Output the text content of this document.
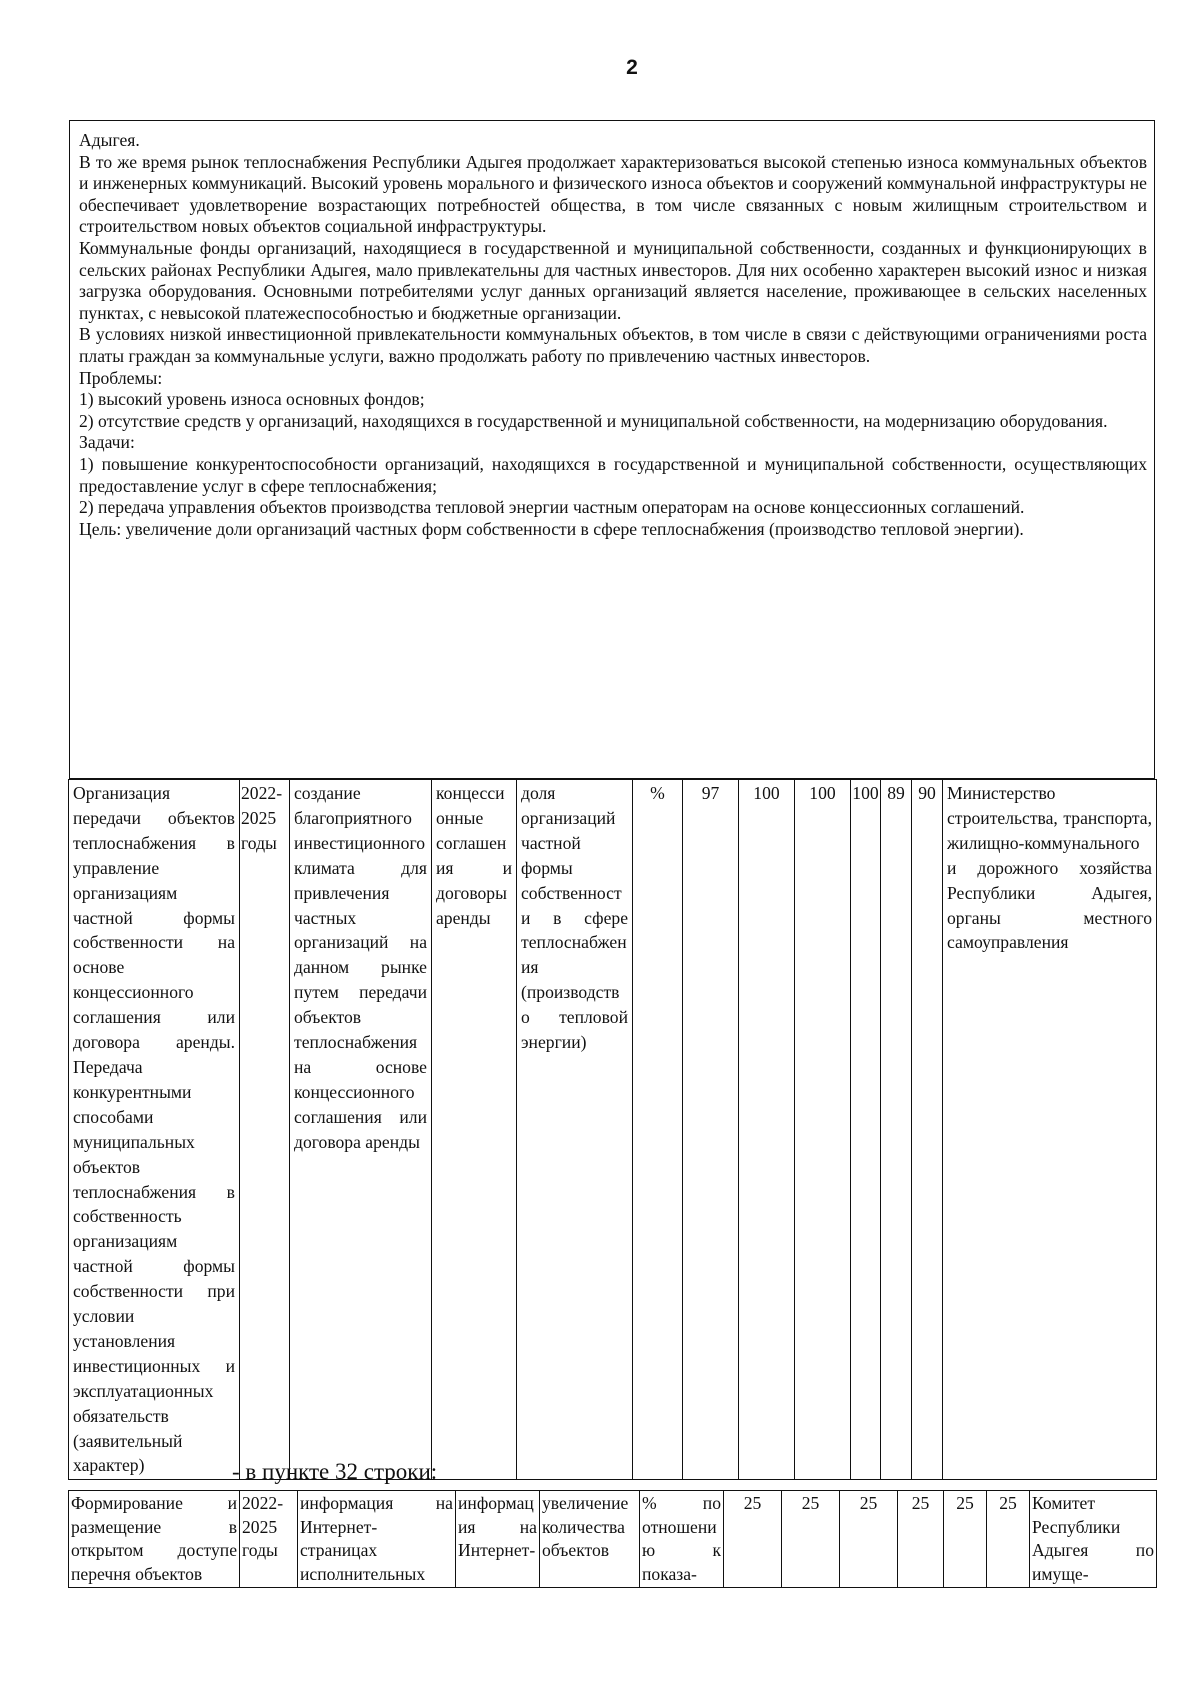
2

Адыгея.

В то же время рынок теплоснабжения Республики Адыгея продолжает характеризоваться высокой степенью износа коммунальных объектов и инженерных коммуникаций. Высокий уровень морального и физического износа объектов и сооружений коммунальной инфраструктуры не обеспечивает удовлетворение возрастающих потребностей общества, в том числе связанных с новым жилищным строительством и строительством новых объектов социальной инфраструктуры.

Коммунальные фонды организаций, находящиеся в государственной и муниципальной собственности, созданных и функционирующих в сельских районах Республики Адыгея, мало привлекательны для частных инвесторов. Для них особенно характерен высокий износ и низкая загрузка оборудования. Основными потребителями услуг данных организаций является население, проживающее в сельских населенных пунктах, с невысокой платежеспособностью и бюджетные организации.

В условиях низкой инвестиционной привлекательности коммунальных объектов, в том числе в связи с действующими ограничениями роста платы граждан за коммунальные услуги, важно продолжать работу по привлечению частных инвесторов.

Проблемы:

1) высокий уровень износа основных фондов;

2) отсутствие средств у организаций, находящихся в государственной и муниципальной собственности, на модернизацию оборудования.

Задачи:

1) повышение конкурентоспособности организаций, находящихся в государственной и муниципальной собственности, осуществляющих предоставление услуг в сфере теплоснабжения;

2) передача управления объектов производства тепловой энергии частным операторам на основе концессионных соглашений.

Цель: увеличение доли организаций частных форм собственности в сфере теплоснабжения (производство тепловой энергии).

Организация передачи объектов теплоснабжения в управление организациям частной формы собственности на основе концессионного соглашения или договора аренды. Передача конкурентными способами муниципальных объектов теплоснабжения в собственность организациям частной формы собственности при условии установления инвестиционных и эксплуатационных обязательств (заявительный характер)	2022-2025 годы	создание благоприятного инвестиционного климата для привлечения частных организаций на данном рынке путем передачи объектов теплоснабжения на основе концессионного соглашения или договора аренды	концессионные соглашения и договоры аренды	доля организаций частной формы собственности в сфере теплоснабжения (производство тепловой энергии)	%	97	100	100	100	89	90	Министерство строительства, транспорта, жилищно-коммунального и дорожного хозяйства Республики Адыгея, органы местного самоуправления
- в пункте 32 строки:
Формирование и размещение в открытом доступе перечня объектов	2022-2025 годы	информация на Интернет-страницах исполнительных	информация на Интернет-	увеличение количества объектов	% по отношению к показа-	25	25	25	25	25	25	Комитет Республики Адыгея по имуще-
